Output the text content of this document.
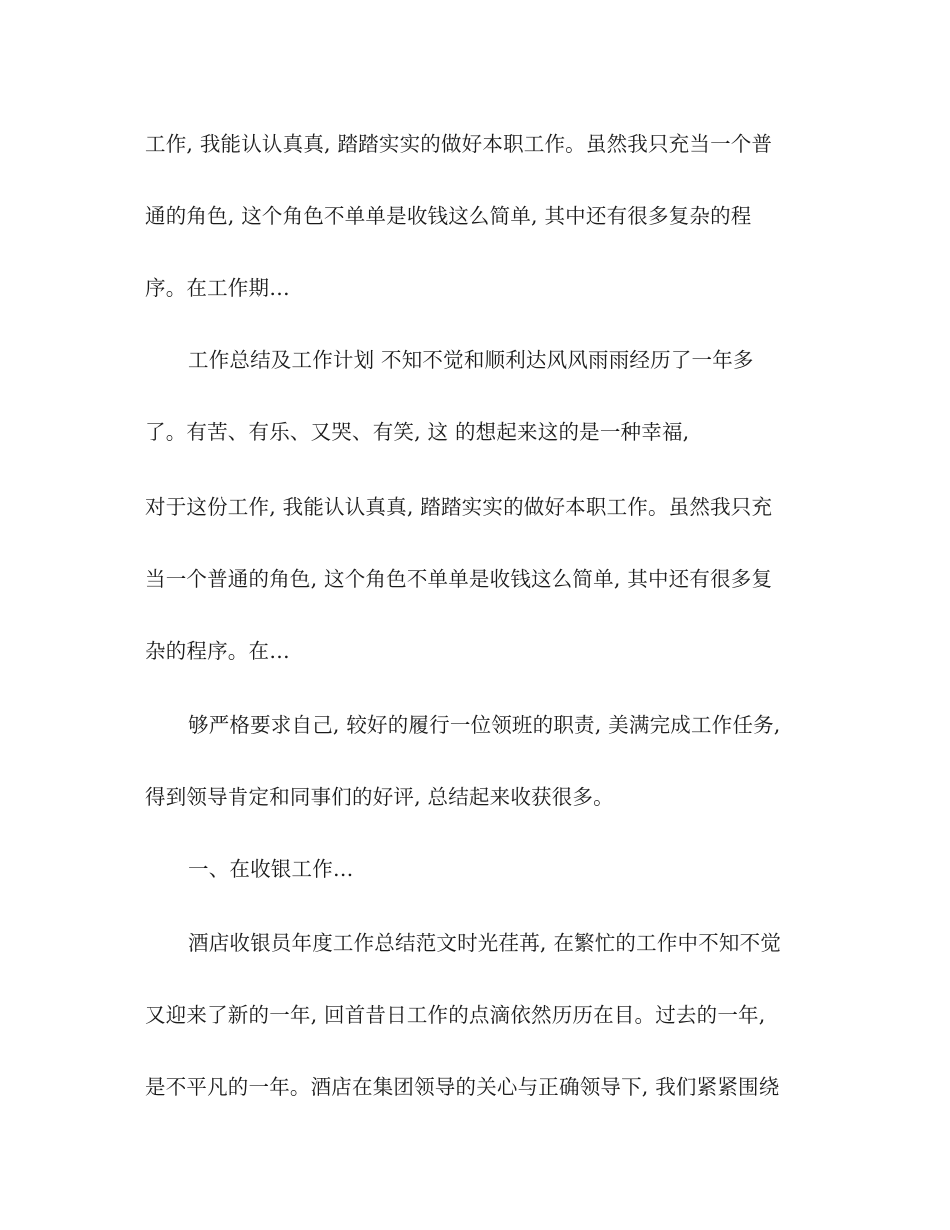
工作, 我能认认真真, 踏踏实实的做好本职工作。虽然我只充当一个普
通的角色, 这个角色不单单是收钱这么简单, 其中还有很多复杂的程
序。在工作期…
工作总结及工作计划 不知不觉和顺利达风风雨雨经历了一年多
了。有苦、有乐、又哭、有笑, 这 的想起来这的是一种幸福,
对于这份工作, 我能认认真真, 踏踏实实的做好本职工作。虽然我只充
当一个普通的角色, 这个角色不单单是收钱这么简单, 其中还有很多复
杂的程序。在…
够严格要求自己, 较好的履行一位领班的职责, 美满完成工作任务,
得到领导肯定和同事们的好评, 总结起来收获很多。
一、在收银工作…
酒店收银员年度工作总结范文时光荏苒, 在繁忙的工作中不知不觉
又迎来了新的一年, 回首昔日工作的点滴依然历历在目。过去的一年,
是不平凡的一年。酒店在集团领导的关心与正确领导下, 我们紧紧围绕
